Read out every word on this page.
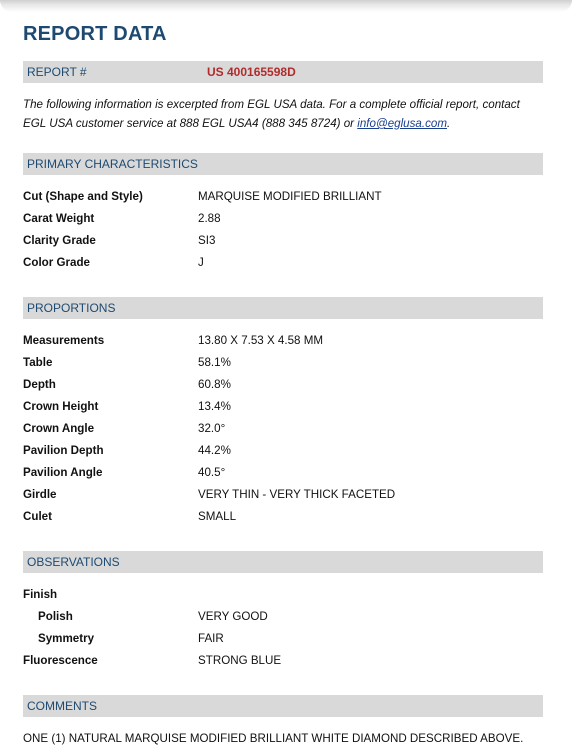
REPORT DATA
REPORT #	US 400165598D
The following information is excerpted from EGL USA data. For a complete official report, contact EGL USA customer service at 888 EGL USA4 (888 345 8724) or info@eglusa.com.
PRIMARY CHARACTERISTICS
Cut (Shape and Style)	MARQUISE MODIFIED BRILLIANT
Carat Weight	2.88
Clarity Grade	SI3
Color Grade	J
PROPORTIONS
Measurements	13.80 X 7.53 X 4.58 MM
Table	58.1%
Depth	60.8%
Crown Height	13.4%
Crown Angle	32.0°
Pavilion Depth	44.2%
Pavilion Angle	40.5°
Girdle	VERY THIN - VERY THICK FACETED
Culet	SMALL
OBSERVATIONS
Finish
Polish	VERY GOOD
Symmetry	FAIR
Fluorescence	STRONG BLUE
COMMENTS
ONE (1) NATURAL MARQUISE MODIFIED BRILLIANT WHITE DIAMOND DESCRIBED ABOVE.
